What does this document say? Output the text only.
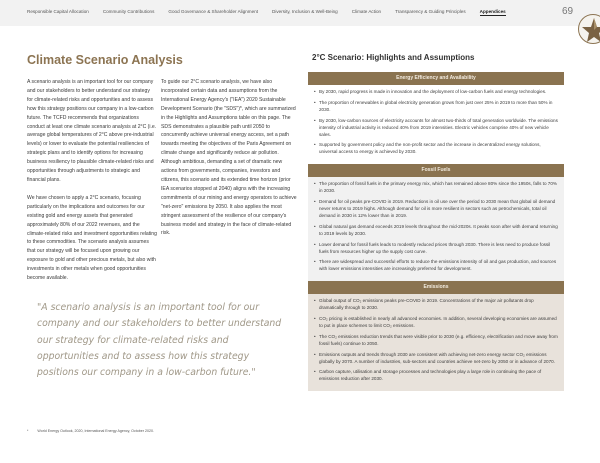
Responsible Capital Allocation	Community Contributions	Good Governance & Shareholder Alignment	Diversity, Inclusion & Well-Being	Climate Action	Transparency & Guiding Principles	Appendices	69
Climate Scenario Analysis

A scenario analysis is an important tool for our company and our stakeholders to better understand our strategy for climate-related risks and opportunities and to assess how this strategy positions our company in a low-carbon future. The TCFD recommends that organizations conduct at least one climate scenario analysis at 2°C (i.e. average global temperatures of 2°C above pre-industrial levels) or lower to evaluate the potential resiliencies of strategic plans and to identify options for increasing business resiliency to plausible climate-related risks and opportunities through adjustments to strategic and financial plans.

We have chosen to apply a 2°C scenario, focusing particularly on the implications and outcomes for our existing gold and energy assets that generated approximately 80% of our 2022 revenues, and the climate-related risks and investment opportunities relating to these commodities. The scenario analysis assumes that our strategy will be focused upon growing our exposure to gold and other precious metals, but also with investments in other metals when good opportunities become available.

To guide our 2°C scenario analysis, we have also incorporated certain data and assumptions from the International Energy Agency's ("IEA") 2020 Sustainable Development Scenario (the "SDS")*, which are summarized in the Highlights and Assumptions table on this page. The SDS demonstrates a plausible path until 2050 to concurrently achieve universal energy access, set a path towards meeting the objectives of the Paris Agreement on climate change and significantly reduce air pollution. Although ambitious, demanding a set of dramatic new actions from governments, companies, investors and citizens, this scenario and its extended time horizon (prior IEA scenarios stopped at 2040) aligns with the increasing commitments of our mining and energy operators to achieve "net-zero" emissions by 2050. It also applies the most stringent assessment of the resilience of our company's business model and strategy in the face of climate-related risk.

"A scenario analysis is an important tool for our company and our stakeholders to better understand our strategy for climate-related risks and opportunities and to assess how this strategy positions our company in a low-carbon future."
*	World Energy Outlook, 2020, International Energy Agency, October 2020.
2°C Scenario: Highlights and Assumptions
Energy Efficiency and Availability
• By 2030, rapid progress is made in innovation and the deployment of low-carbon fuels and energy technologies.
• The proportion of renewables in global electricity generation grows from just over 25% in 2019 to more than 50% in 2030.
• By 2030, low-carbon sources of electricity accounts for almost two-thirds of total generation worldwide. The emissions intensity of industrial activity is reduced 40% from 2019 intensities. Electric vehicles comprise 40% of new vehicle sales.
• Supported by government policy and the non-profit sector and the increase in decentralized energy solutions, universal access to energy is achieved by 2030.
Fossil Fuels
• The proportion of fossil fuels in the primary energy mix, which has remained above 80% since the 1950s, falls to 70% in 2030.
• Demand for oil peaks pre-COVID in 2019. Reductions in oil use over the period to 2030 mean that global oil demand never returns to 2019 highs. Although demand for oil is more resilient in sectors such as petrochemicals, total oil demand in 2030 is 12% lower than in 2019.
• Global natural gas demand exceeds 2019 levels throughout the mid-2020s. It peaks soon after with demand returning to 2019 levels by 2030.
• Lower demand for fossil fuels leads to modestly reduced prices through 2030. There is less need to produce fossil fuels from resources higher up the supply cost curve.
• There are widespread and successful efforts to reduce the emissions intensity of oil and gas production, and sources with lower emissions intensities are increasingly preferred for development.
Emissions
• Global output of CO₂ emissions peaks pre-COVID in 2019. Concentrations of the major air pollutants drop dramatically through to 2030.
• CO₂ pricing is established in nearly all advanced economies. In addition, several developing economies are assumed to put in place schemes to limit CO₂ emissions.
• The CO₂ emissions reduction trends that were visible prior to 2030 (e.g. efficiency, electrification and move away from fossil fuels) continue to 2050.
• Emissions outputs and trends through 2030 are consistent with achieving net-zero energy sector CO₂ emissions globally by 2070. A number of industries, sub-sectors and countries achieve net-zero by 2050 or in advance of 2070.
• Carbon capture, utilisation and storage processes and technologies play a large role in continuing the pace of emissions reduction after 2030.
